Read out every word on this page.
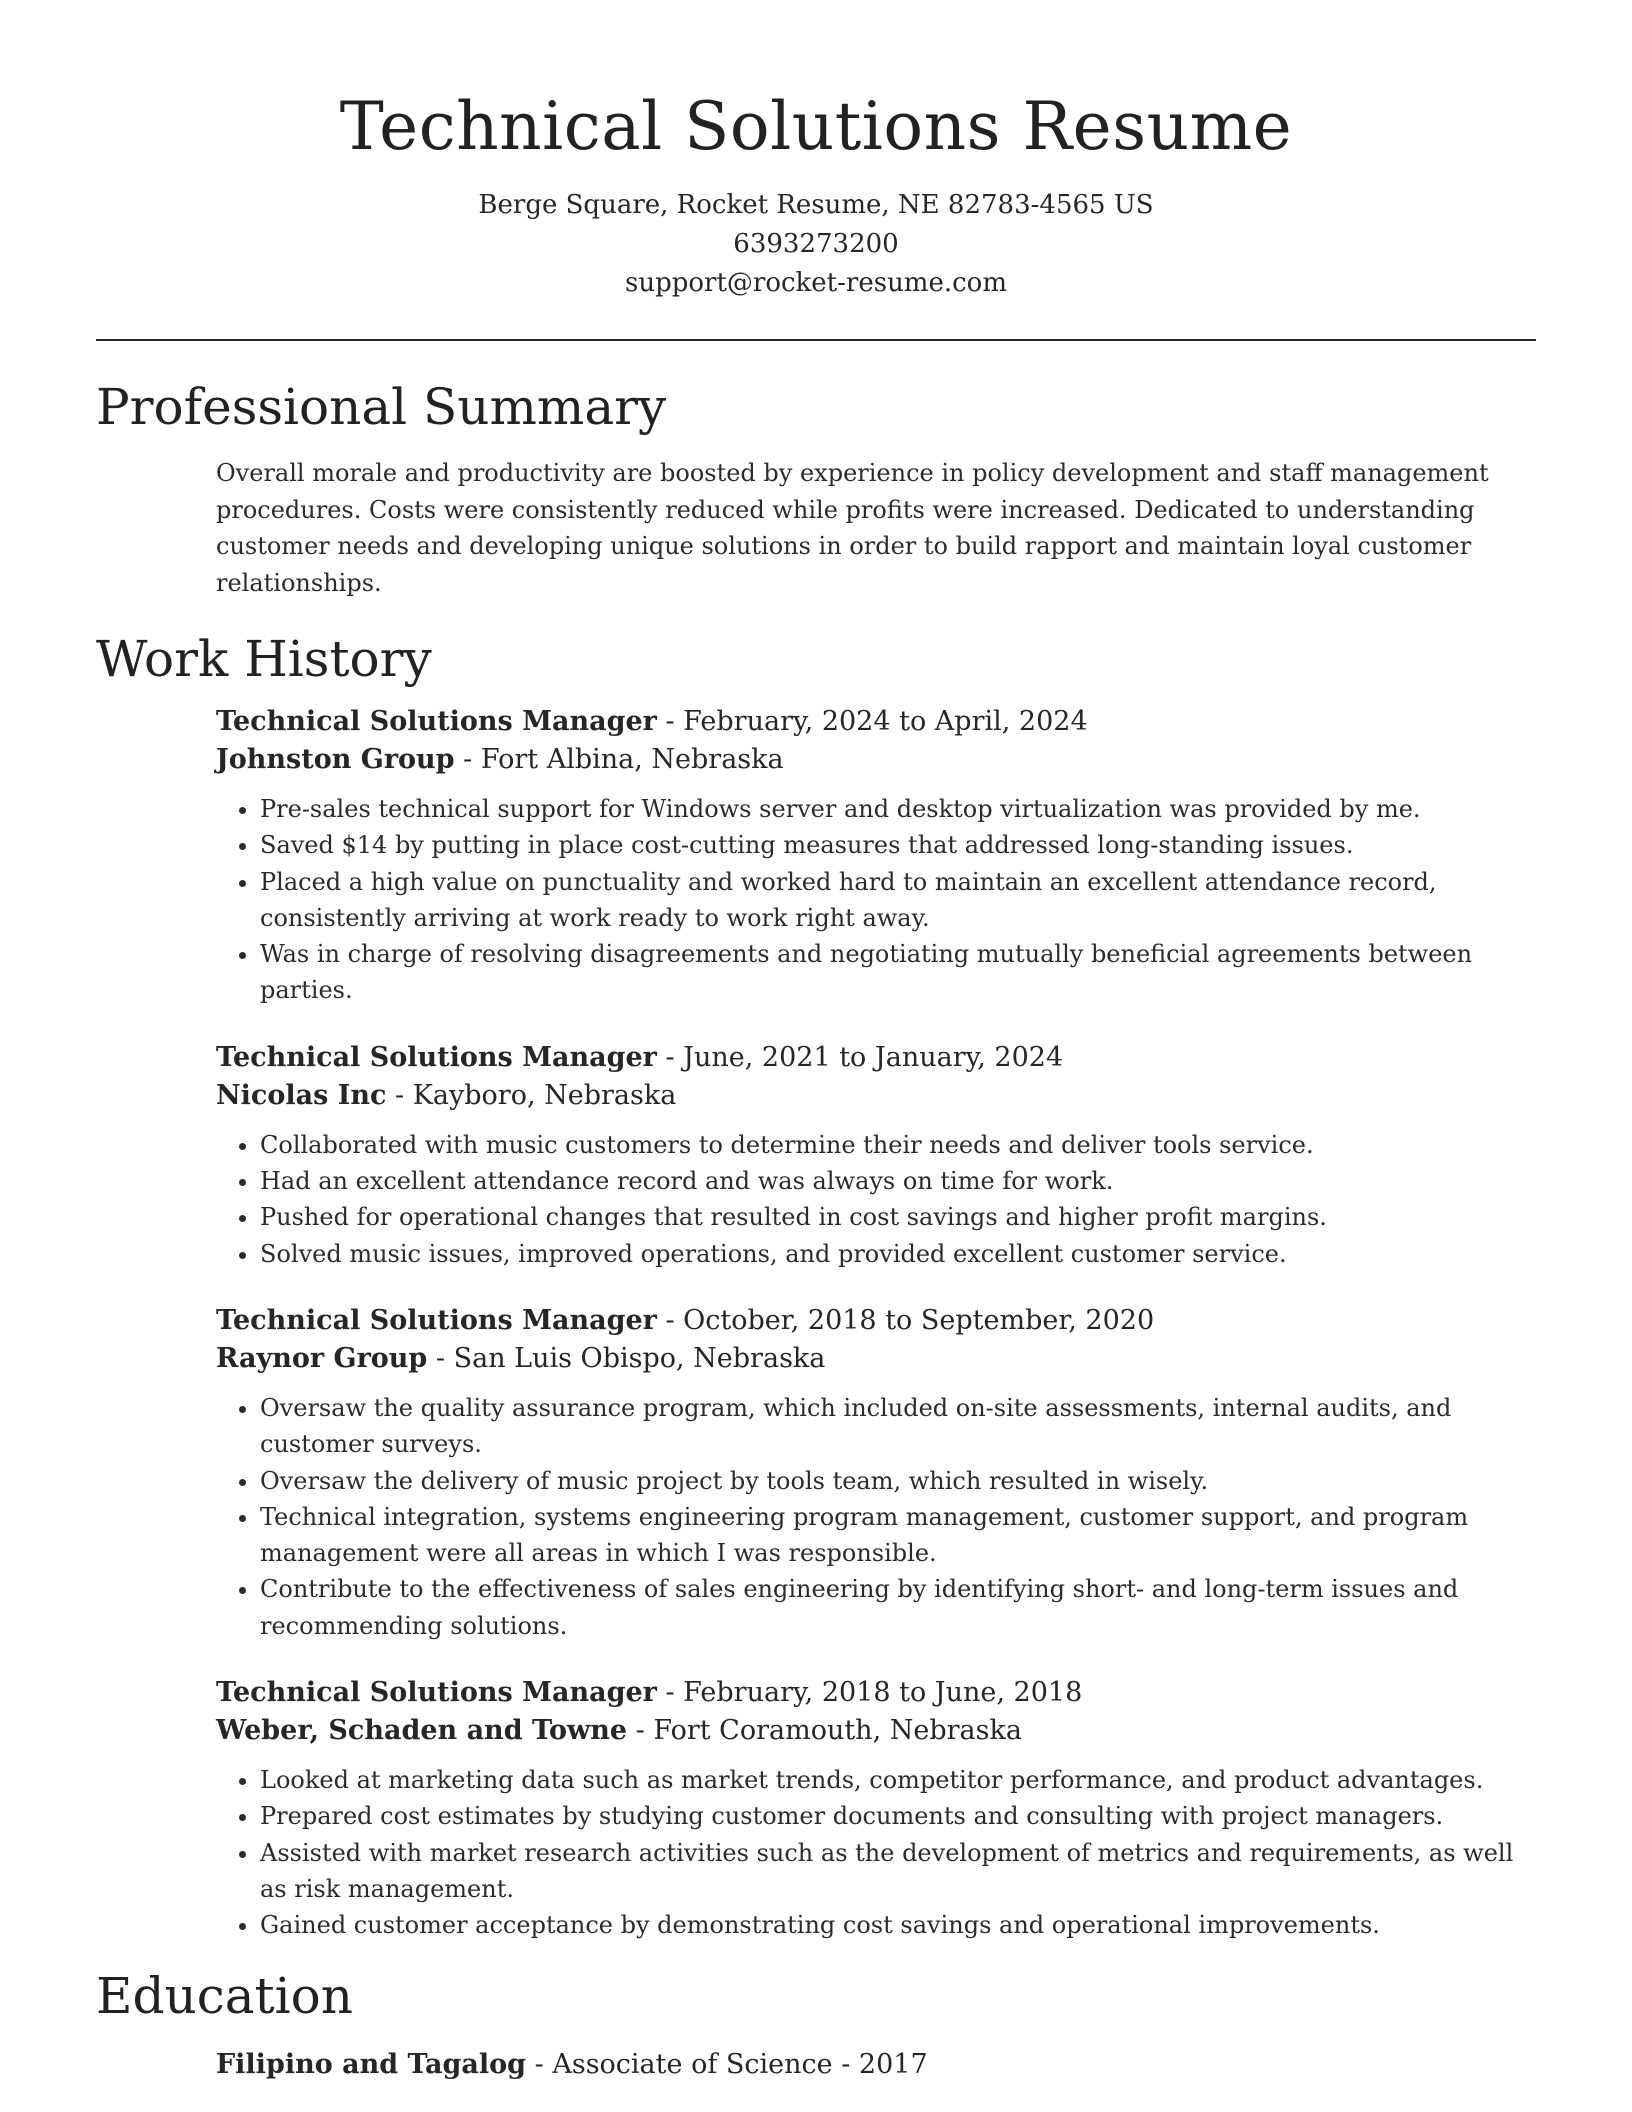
Technical Solutions Resume
Berge Square, Rocket Resume, NE 82783-4565 US
6393273200
support@rocket-resume.com
Professional Summary

Overall morale and productivity are boosted by experience in policy development and staff management procedures. Costs were consistently reduced while profits were increased. Dedicated to understanding customer needs and developing unique solutions in order to build rapport and maintain loyal customer relationships.

Work History
Technical Solutions Manager - February, 2024 to April, 2024
Johnston Group - Fort Albina, Nebraska
• Pre-sales technical support for Windows server and desktop virtualization was provided by me.
• Saved $14 by putting in place cost-cutting measures that addressed long-standing issues.
• Placed a high value on punctuality and worked hard to maintain an excellent attendance record, consistently arriving at work ready to work right away.
• Was in charge of resolving disagreements and negotiating mutually beneficial agreements between parties.
Technical Solutions Manager - June, 2021 to January, 2024
Nicolas Inc - Kayboro, Nebraska
• Collaborated with music customers to determine their needs and deliver tools service.
• Had an excellent attendance record and was always on time for work.
• Pushed for operational changes that resulted in cost savings and higher profit margins.
• Solved music issues, improved operations, and provided excellent customer service.
Technical Solutions Manager - October, 2018 to September, 2020
Raynor Group - San Luis Obispo, Nebraska
• Oversaw the quality assurance program, which included on-site assessments, internal audits, and customer surveys.
• Oversaw the delivery of music project by tools team, which resulted in wisely.
• Technical integration, systems engineering program management, customer support, and program management were all areas in which I was responsible.
• Contribute to the effectiveness of sales engineering by identifying short- and long-term issues and recommending solutions.
Technical Solutions Manager - February, 2018 to June, 2018
Weber, Schaden and Towne - Fort Coramouth, Nebraska
• Looked at marketing data such as market trends, competitor performance, and product advantages.
• Prepared cost estimates by studying customer documents and consulting with project managers.
• Assisted with market research activities such as the development of metrics and requirements, as well as risk management.
• Gained customer acceptance by demonstrating cost savings and operational improvements.
Education
Filipino and Tagalog - Associate of Science - 2017
